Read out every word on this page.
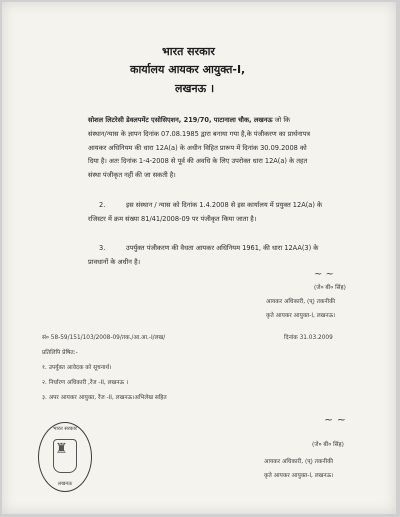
भारत सरकार
कार्यालय आयकर आयुक्त-I,
लखनऊ ।
सोशल लिटरेसी डेवलपमेंट एसोसिएशन, 219/70, पाटानाला चौक, लखनऊ जो कि
संस्थान/न्यास के ज्ञापन दिनांक 07.08.1985 द्वारा बनाया गया है,के पंजीकरण का प्रार्थनापत्र
आयकर अधिनियम की धारा 12A(a) के अधीन विहित प्रारूप में दिनांक 30.09.2008 को
दिया है। अतः दिनांक 1-4-2008 से पूर्व की अवधि के लिए उपरोक्त धारा 12A(a) के तहत
संस्था पंजीकृत नहीं की जा सकती है।
2.	इस संस्थान / न्यास को दिनांक 1.4.2008 से इस कार्यालय में प्रयुक्त 12A(a) के
रजिस्टर में क्रम संख्या 81/41/2008-09 पर पंजीकृत किया जाता है।
3.	उपर्युक्त पंजीकरण की वैधता आयकर अधिनियम 1961, की धारा 12AA(3) के
प्रावधानों के अधीन है।
~ ~
(जे० बी० सिंह)
आयकर अधिकारी, (प्) तकनीकी
कृते आयकर आयुक्त-I, लखनऊ।
सं० 58-59/151/103/2008-09/तक./आ.आ.-I/लख/	दिनांक 31.03.2009
प्रतिलिपि प्रेषित:-
१. उपर्युक्त आवेदक को सूचनार्थ।
२. निर्धारण अधिकारी ,रेंज -II, लखनऊ ।
३. अपर आयकर आयुक्त, रेंज -II, लखनऊ।अभिलेख सहित
~ ~
(जे० बी० सिंह)
आयकर अधिकारी, (प्) तकनीकी
कृते आयकर आयुक्त-I, लखनऊ।
भारत सरकार
♜
लखनऊ
